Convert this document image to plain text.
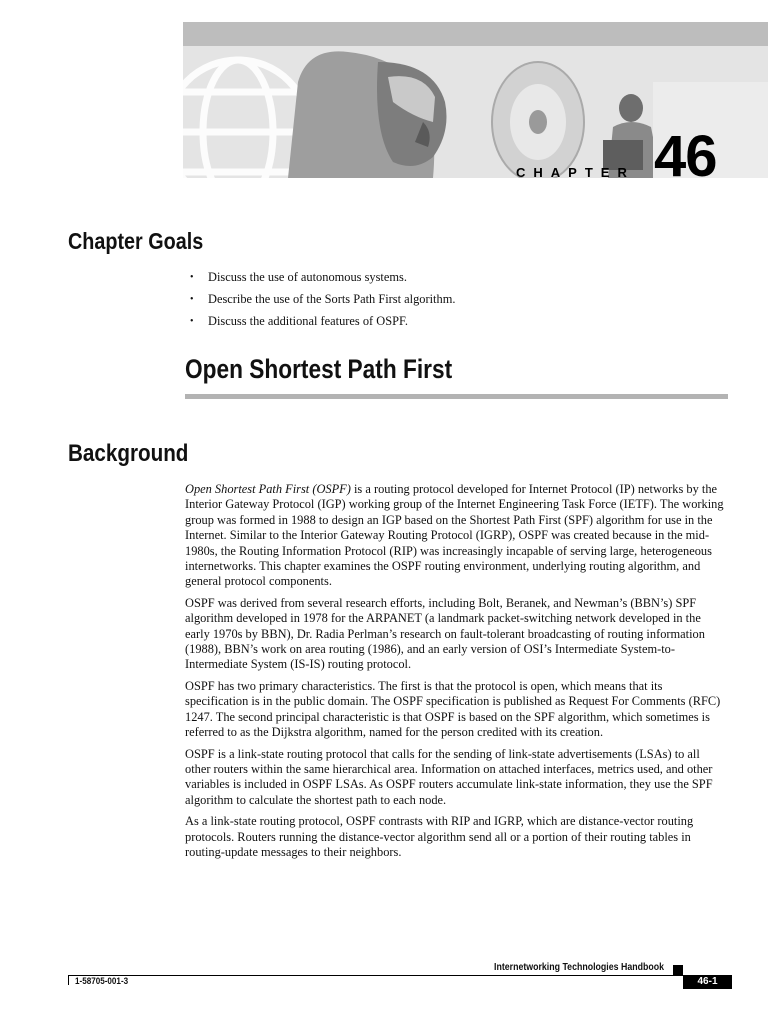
CHAPTER 46
Chapter Goals
• Discuss the use of autonomous systems.
• Describe the use of the Sorts Path First algorithm.
• Discuss the additional features of OSPF.
Open Shortest Path First
Background

Open Shortest Path First (OSPF) is a routing protocol developed for Internet Protocol (IP) networks by the Interior Gateway Protocol (IGP) working group of the Internet Engineering Task Force (IETF). The working group was formed in 1988 to design an IGP based on the Shortest Path First (SPF) algorithm for use in the Internet. Similar to the Interior Gateway Routing Protocol (IGRP), OSPF was created because in the mid-1980s, the Routing Information Protocol (RIP) was increasingly incapable of serving large, heterogeneous internetworks. This chapter examines the OSPF routing environment, underlying routing algorithm, and general protocol components.

OSPF was derived from several research efforts, including Bolt, Beranek, and Newman’s (BBN’s) SPF algorithm developed in 1978 for the ARPANET (a landmark packet-switching network developed in the early 1970s by BBN), Dr. Radia Perlman’s research on fault-tolerant broadcasting of routing information (1988), BBN’s work on area routing (1986), and an early version of OSI’s Intermediate System-to-Intermediate System (IS-IS) routing protocol.

OSPF has two primary characteristics. The first is that the protocol is open, which means that its specification is in the public domain. The OSPF specification is published as Request For Comments (RFC) 1247. The second principal characteristic is that OSPF is based on the SPF algorithm, which sometimes is referred to as the Dijkstra algorithm, named for the person credited with its creation.

OSPF is a link-state routing protocol that calls for the sending of link-state advertisements (LSAs) to all other routers within the same hierarchical area. Information on attached interfaces, metrics used, and other variables is included in OSPF LSAs. As OSPF routers accumulate link-state information, they use the SPF algorithm to calculate the shortest path to each node.

As a link-state routing protocol, OSPF contrasts with RIP and IGRP, which are distance-vector routing protocols. Routers running the distance-vector algorithm send all or a portion of their routing tables in routing-update messages to their neighbors.

Internetworking Technologies Handbook
1-58705-001-3	46-1
